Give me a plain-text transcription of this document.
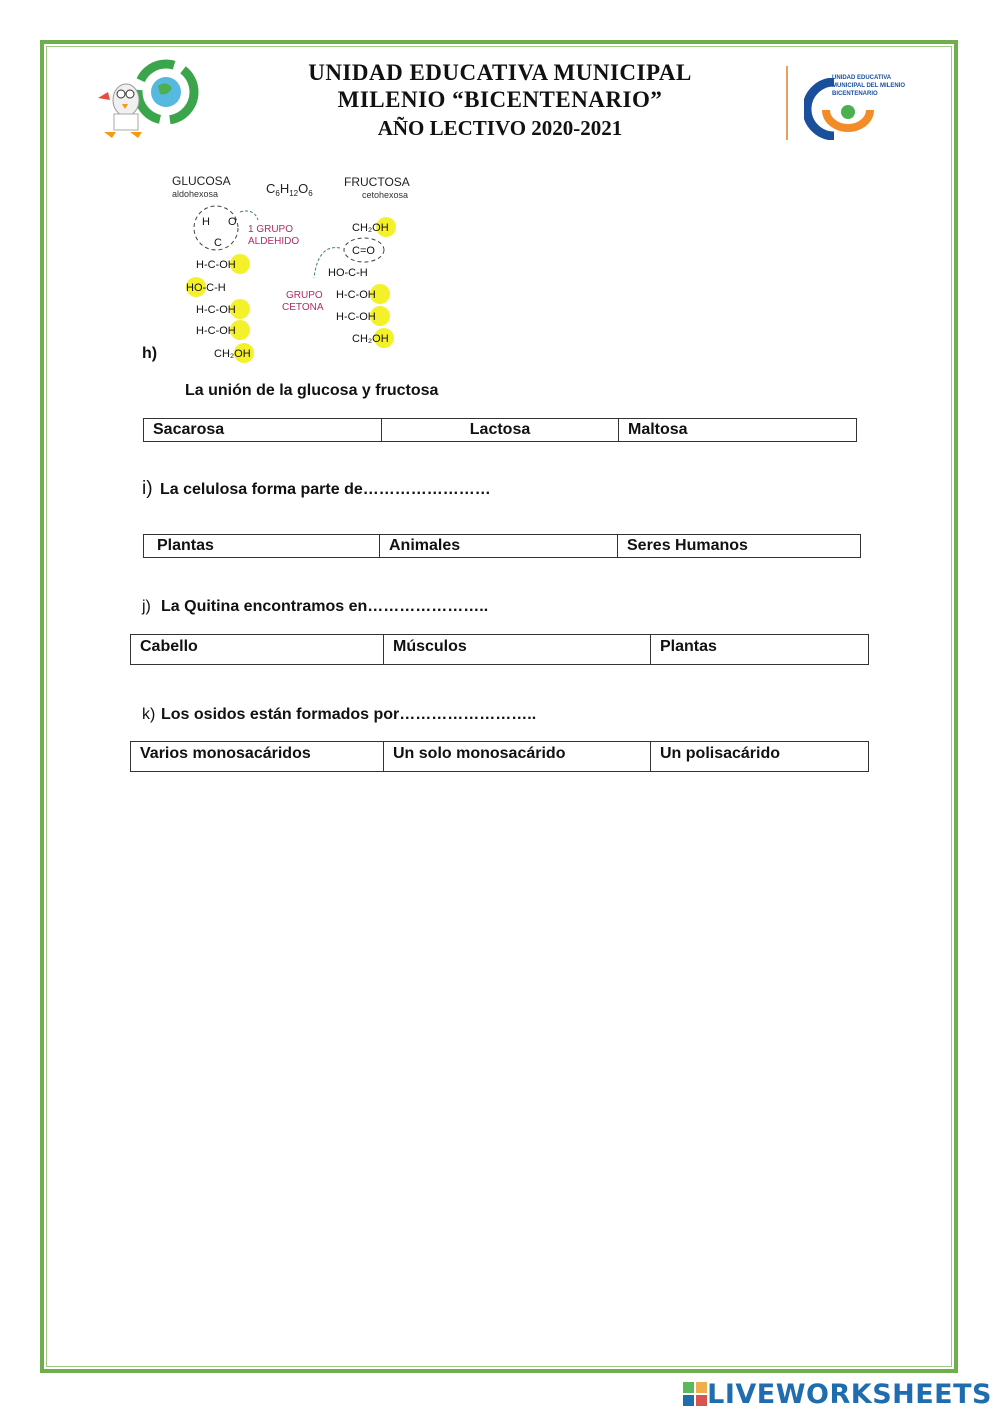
UNIDAD EDUCATIVA MUNICIPAL
MILENIO “BICENTENARIO”
AÑO LECTIVO 2020-2021
UNIDAD EDUCATIVA
MUNICIPAL DEL MILENIO
BICENTENARIO
GLUCOSA
aldohexosa	$C_6H_{12}O_6$
FRUCTOSA
cetohexosa
H O
C
H-C-OH
HO-C-H
H-C-OH
H-C-OH
CH₂OH
CH₂OH
C=O
HO-C-H
H-C-OH
H-C-OH
CH₂OH
1 GRUPO
ALDEHIDO
GRUPO
CETONA
h)
La unión de la glucosa y fructosa
Sacarosa	Lactosa	Maltosa
i) La celulosa forma parte de……………………
Plantas	Animales	Seres Humanos
j) La Quitina encontramos en…………………..
Cabello	Músculos	Plantas
k) Los osidos están formados por……………………..
Varios monosacáridos	Un solo monosacárido	Un polisacárido
LIVEWORKSHEETS
